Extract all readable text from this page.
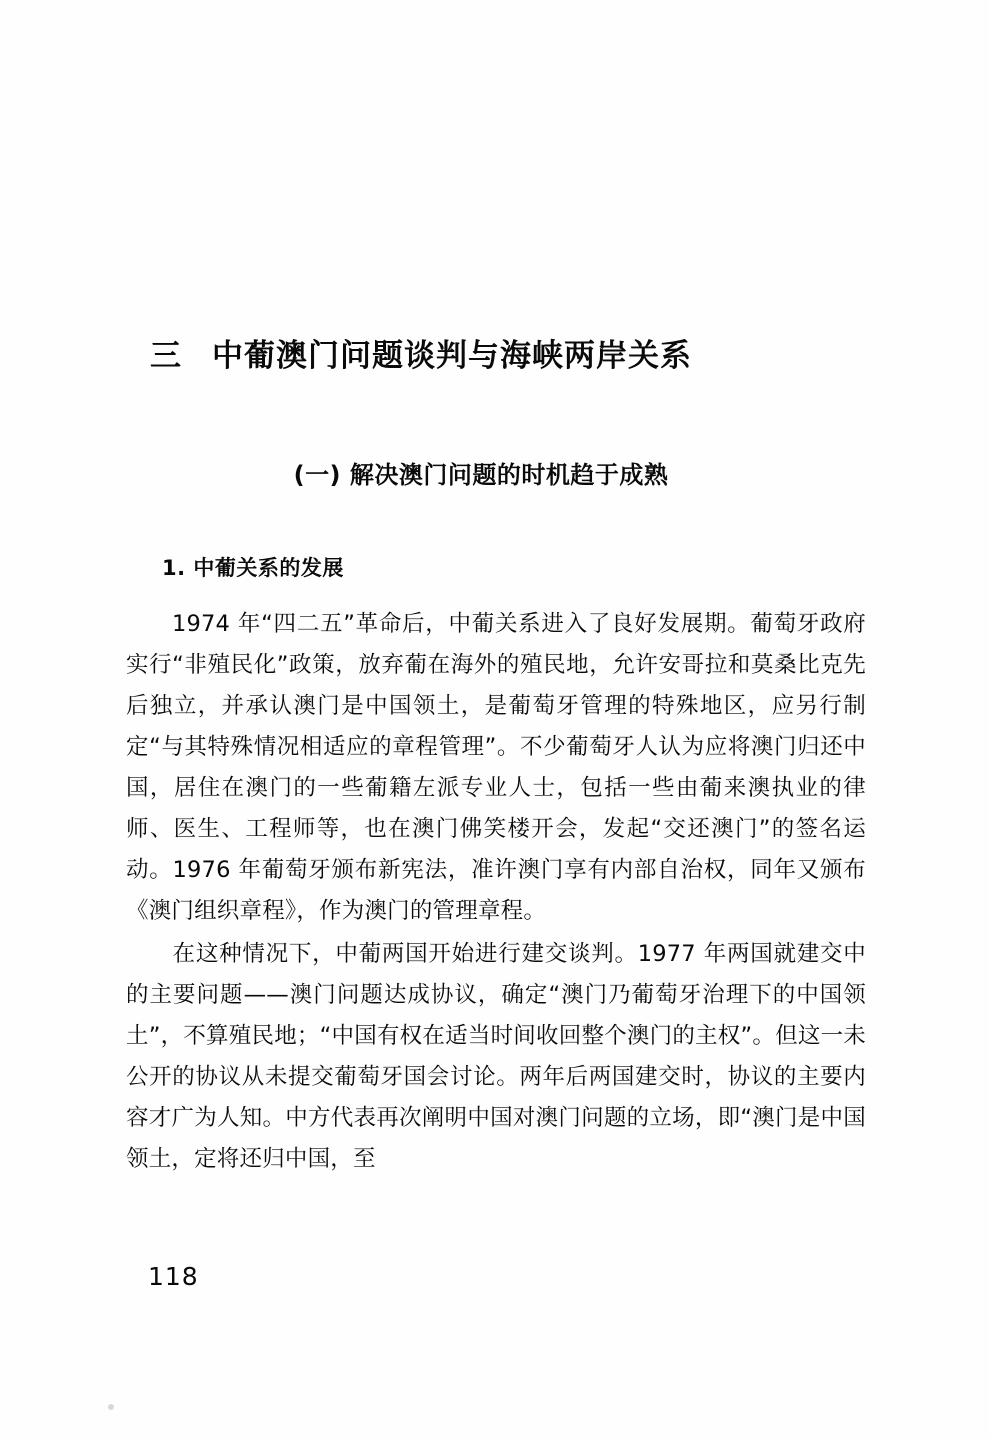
三 中葡澳门问题谈判与海峡两岸关系
(一) 解决澳门问题的时机趋于成熟
1. 中葡关系的发展

1974 年“四二五”革命后，中葡关系进入了良好发展期。葡萄牙政府实行“非殖民化”政策，放弃葡在海外的殖民地，允许安哥拉和莫桑比克先后独立，并承认澳门是中国领土，是葡萄牙管理的特殊地区，应另行制定“与其特殊情况相适应的章程管理”。不少葡萄牙人认为应将澳门归还中国，居住在澳门的一些葡籍左派专业人士，包括一些由葡来澳执业的律师、医生、工程师等，也在澳门佛笑楼开会，发起“交还澳门”的签名运动。1976 年葡萄牙颁布新宪法，准许澳门享有内部自治权，同年又颁布《澳门组织章程》，作为澳门的管理章程。

在这种情况下，中葡两国开始进行建交谈判。1977 年两国就建交中的主要问题——澳门问题达成协议，确定“澳门乃葡萄牙治理下的中国领土”，不算殖民地；“中国有权在适当时间收回整个澳门的主权”。但这一未公开的协议从未提交葡萄牙国会讨论。两年后两国建交时，协议的主要内容才广为人知。中方代表再次阐明中国对澳门问题的立场，即“澳门是中国领土，定将还归中国，至

118
